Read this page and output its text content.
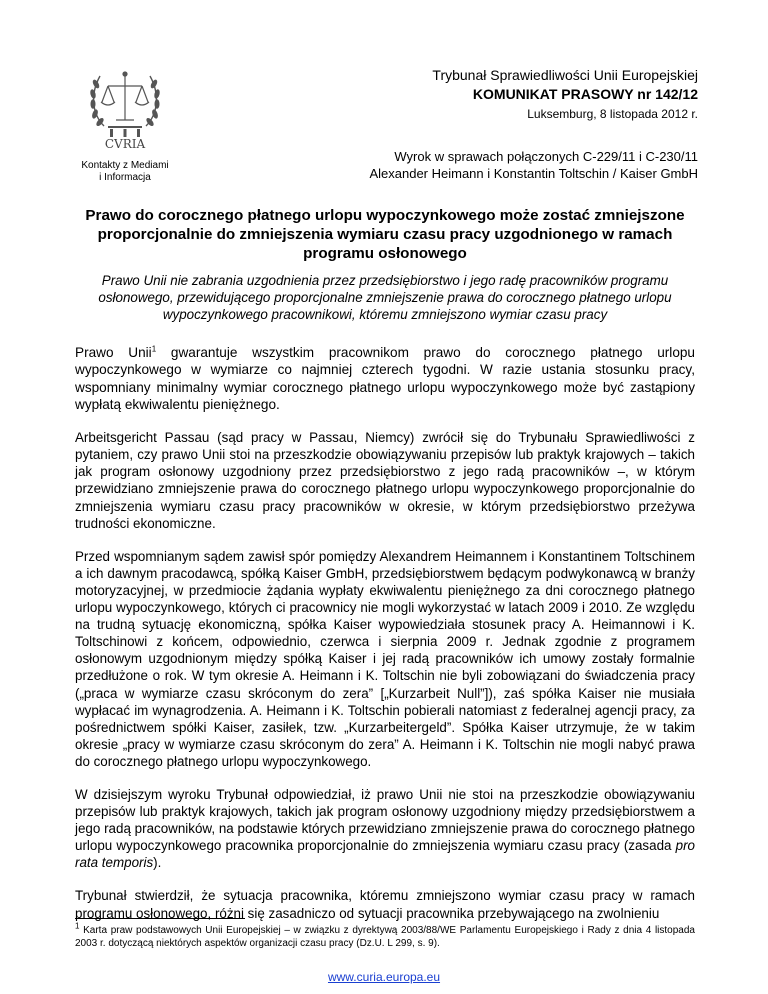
CVRIA
Kontakty z Mediami
i Informacja
Trybunał Sprawiedliwości Unii Europejskiej
KOMUNIKAT PRASOWY nr 142/12
Luksemburg, 8 listopada 2012 r.
Wyrok w sprawach połączonych C-229/11 i C-230/11
Alexander Heimann i Konstantin Toltschin / Kaiser GmbH
Prawo do corocznego płatnego urlopu wypoczynkowego może zostać zmniejszone proporcjonalnie do zmniejszenia wymiaru czasu pracy uzgodnionego w ramach programu osłonowego
Prawo Unii nie zabrania uzgodnienia przez przedsiębiorstwo i jego radę pracowników programu osłonowego, przewidującego proporcjonalne zmniejszenie prawa do corocznego płatnego urlopu wypoczynkowego pracownikowi, któremu zmniejszono wymiar czasu pracy

Prawo Unii$^1$ gwarantuje wszystkim pracownikom prawo do corocznego płatnego urlopu wypoczynkowego w wymiarze co najmniej czterech tygodni. W razie ustania stosunku pracy, wspomniany minimalny wymiar corocznego płatnego urlopu wypoczynkowego może być zastąpiony wypłatą ekwiwalentu pieniężnego.

Arbeitsgericht Passau (sąd pracy w Passau, Niemcy) zwrócił się do Trybunału Sprawiedliwości z pytaniem, czy prawo Unii stoi na przeszkodzie obowiązywaniu przepisów lub praktyk krajowych – takich jak program osłonowy uzgodniony przez przedsiębiorstwo z jego radą pracowników –, w którym przewidziano zmniejszenie prawa do corocznego płatnego urlopu wypoczynkowego proporcjonalnie do zmniejszenia wymiaru czasu pracy pracowników w okresie, w którym przedsiębiorstwo przeżywa trudności ekonomiczne.

Przed wspomnianym sądem zawisł spór pomiędzy Alexandrem Heimannem i Konstantinem Toltschinem a ich dawnym pracodawcą, spółką Kaiser GmbH, przedsiębiorstwem będącym podwykonawcą w branży motoryzacyjnej, w przedmiocie żądania wypłaty ekwiwalentu pieniężnego za dni corocznego płatnego urlopu wypoczynkowego, których ci pracownicy nie mogli wykorzystać w latach 2009 i 2010. Ze względu na trudną sytuację ekonomiczną, spółka Kaiser wypowiedziała stosunek pracy A. Heimannowi i K. Toltschinowi z końcem, odpowiednio, czerwca i sierpnia 2009 r. Jednak zgodnie z programem osłonowym uzgodnionym między spółką Kaiser i jej radą pracowników ich umowy zostały formalnie przedłużone o rok. W tym okresie A. Heimann i K. Toltschin nie byli zobowiązani do świadczenia pracy („praca w wymiarze czasu skróconym do zera” [„Kurzarbeit Null”]), zaś spółka Kaiser nie musiała wypłacać im wynagrodzenia. A. Heimann i K. Toltschin pobierali natomiast z federalnej agencji pracy, za pośrednictwem spółki Kaiser, zasiłek, tzw. „Kurzarbeitergeld”. Spółka Kaiser utrzymuje, że w takim okresie „pracy w wymiarze czasu skróconym do zera” A. Heimann i K. Toltschin nie mogli nabyć prawa do corocznego płatnego urlopu wypoczynkowego.

W dzisiejszym wyroku Trybunał odpowiedział, iż prawo Unii nie stoi na przeszkodzie obowiązywaniu przepisów lub praktyk krajowych, takich jak program osłonowy uzgodniony między przedsiębiorstwem a jego radą pracowników, na podstawie których przewidziano zmniejszenie prawa do corocznego płatnego urlopu wypoczynkowego pracownika proporcjonalnie do zmniejszenia wymiaru czasu pracy (zasada pro rata temporis).

Trybunał stwierdził, że sytuacja pracownika, któremu zmniejszono wymiar czasu pracy w ramach programu osłonowego, różni się zasadniczo od sytuacji pracownika przebywającego na zwolnieniu

$^1$ Karta praw podstawowych Unii Europejskiej – w związku z dyrektywą 2003/88/WE Parlamentu Europejskiego i Rady z dnia 4 listopada 2003 r. dotyczącą niektórych aspektów organizacji czasu pracy (Dz.U. L 299, s. 9).
www.curia.europa.eu
